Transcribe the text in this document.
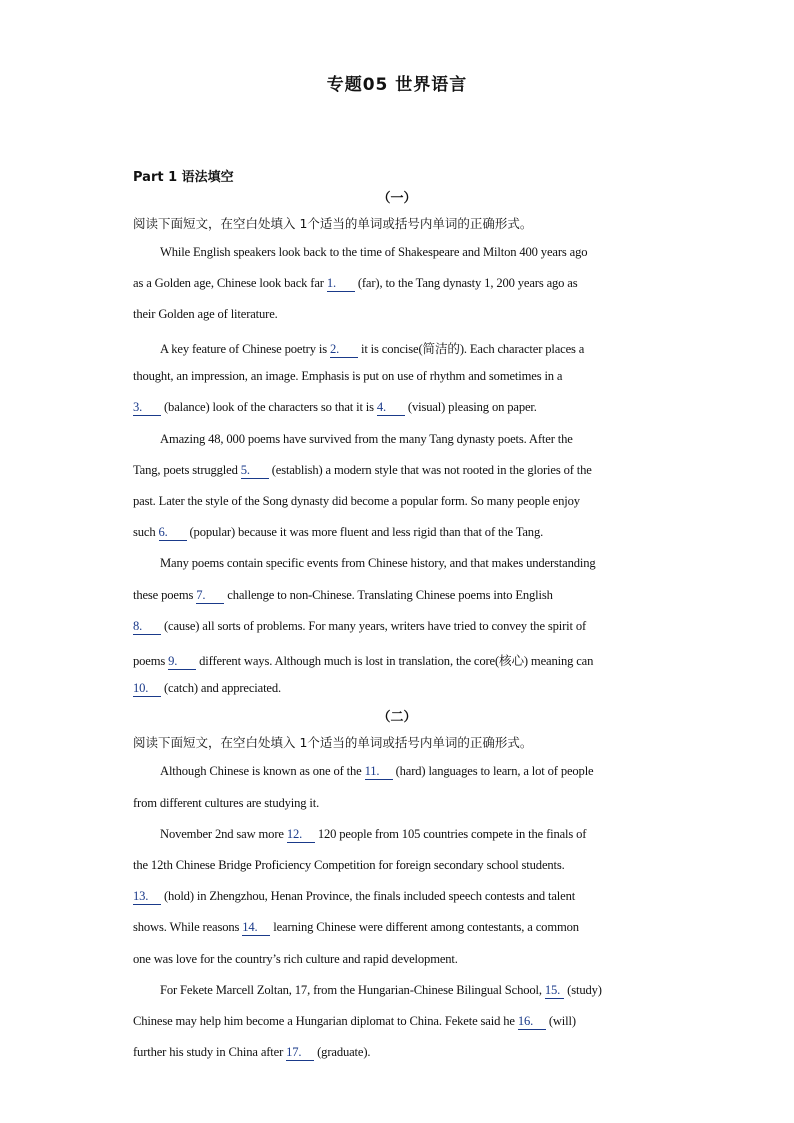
专题05 世界语言
Part 1 语法填空
（一）
阅读下面短文，在空白处填入 1个适当的单词或括号内单词的正确形式。
While English speakers look back to the time of Shakespeare and Milton 400 years ago
as a Golden age, Chinese look back far 1. (far), to the Tang dynasty 1, 200 years ago as
their Golden age of literature.
A key feature of Chinese poetry is 2. it is concise(简洁的). Each character places a
thought, an impression, an image. Emphasis is put on use of rhythm and sometimes in a
3. (balance) look of the characters so that it is 4. (visual) pleasing on paper.
Amazing 48, 000 poems have survived from the many Tang dynasty poets. After the
Tang, poets struggled 5. (establish) a modern style that was not rooted in the glories of the
past. Later the style of the Song dynasty did become a popular form. So many people enjoy
such 6. (popular) because it was more fluent and less rigid than that of the Tang.
Many poems contain specific events from Chinese history, and that makes understanding
these poems 7. challenge to non-Chinese. Translating Chinese poems into English
8. (cause) all sorts of problems. For many years, writers have tried to convey the spirit of
poems 9. different ways. Although much is lost in translation, the core(核心) meaning can
10. (catch) and appreciated.
（二）
阅读下面短文，在空白处填入 1个适当的单词或括号内单词的正确形式。
Although Chinese is known as one of the 11. (hard) languages to learn, a lot of people
from different cultures are studying it.
November 2nd saw more 12. 120 people from 105 countries compete in the finals of
the 12th Chinese Bridge Proficiency Competition for foreign secondary school students.
13. (hold) in Zhengzhou, Henan Province, the finals included speech contests and talent
shows. While reasons 14. learning Chinese were different among contestants, a common
one was love for the country’s rich culture and rapid development.
For Fekete Marcell Zoltan, 17, from the Hungarian-Chinese Bilingual School, 15. (study)
Chinese may help him become a Hungarian diplomat to China. Fekete said he 16. (will)
further his study in China after 17. (graduate).
